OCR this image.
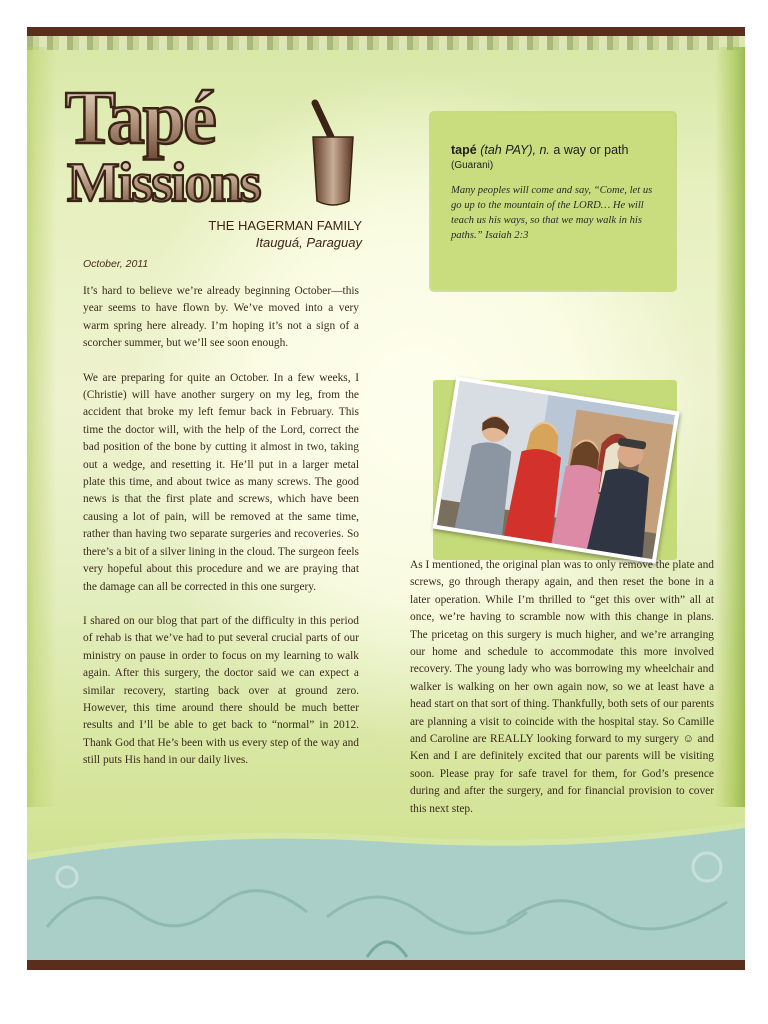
Tapé
Missions
THE HAGERMAN FAMILY
Itauguá, Paraguay
October, 2011

It’s hard to believe we’re already beginning October—this year seems to have flown by. We’ve moved into a very warm spring here already. I’m hoping it’s not a sign of a scorcher summer, but we’ll see soon enough.

We are preparing for quite an October. In a few weeks, I (Christie) will have another surgery on my leg, from the accident that broke my left femur back in February. This time the doctor will, with the help of the Lord, correct the bad position of the bone by cutting it almost in two, taking out a wedge, and resetting it. He’ll put in a larger metal plate this time, and about twice as many screws. The good news is that the first plate and screws, which have been causing a lot of pain, will be removed at the same time, rather than having two separate surgeries and recoveries. So there’s a bit of a silver lining in the cloud. The surgeon feels very hopeful about this procedure and we are praying that the damage can all be corrected in this one surgery.

I shared on our blog that part of the difficulty in this period of rehab is that we’ve had to put several crucial parts of our ministry on pause in order to focus on my learning to walk again. After this surgery, the doctor said we can expect a similar recovery, starting back over at ground zero. However, this time around there should be much better results and I’ll be able to get back to “normal” in 2012. Thank God that He’s been with us every step of the way and still puts His hand in our daily lives.

tapé (tah PAY), n. a way or path
(Guarani)
Many peoples will come and say, “Come, let us go up to the mountain of the LORD… He will teach us his ways, so that we may walk in his paths.” Isaiah 2:3

As I mentioned, the original plan was to only remove the plate and screws, go through therapy again, and then reset the bone in a later operation. While I’m thrilled to “get this over with” all at once, we’re having to scramble now with this change in plans. The pricetag on this surgery is much higher, and we’re arranging our home and schedule to accommodate this more involved recovery. The young lady who was borrowing my wheelchair and walker is walking on her own again now, so we at least have a head start on that sort of thing. Thankfully, both sets of our parents are planning a visit to coincide with the hospital stay. So Camille and Caroline are REALLY looking forward to my surgery ☺ and Ken and I are definitely excited that our parents will be visiting soon. Please pray for safe travel for them, for God’s presence during and after the surgery, and for financial provision to cover this next step.
